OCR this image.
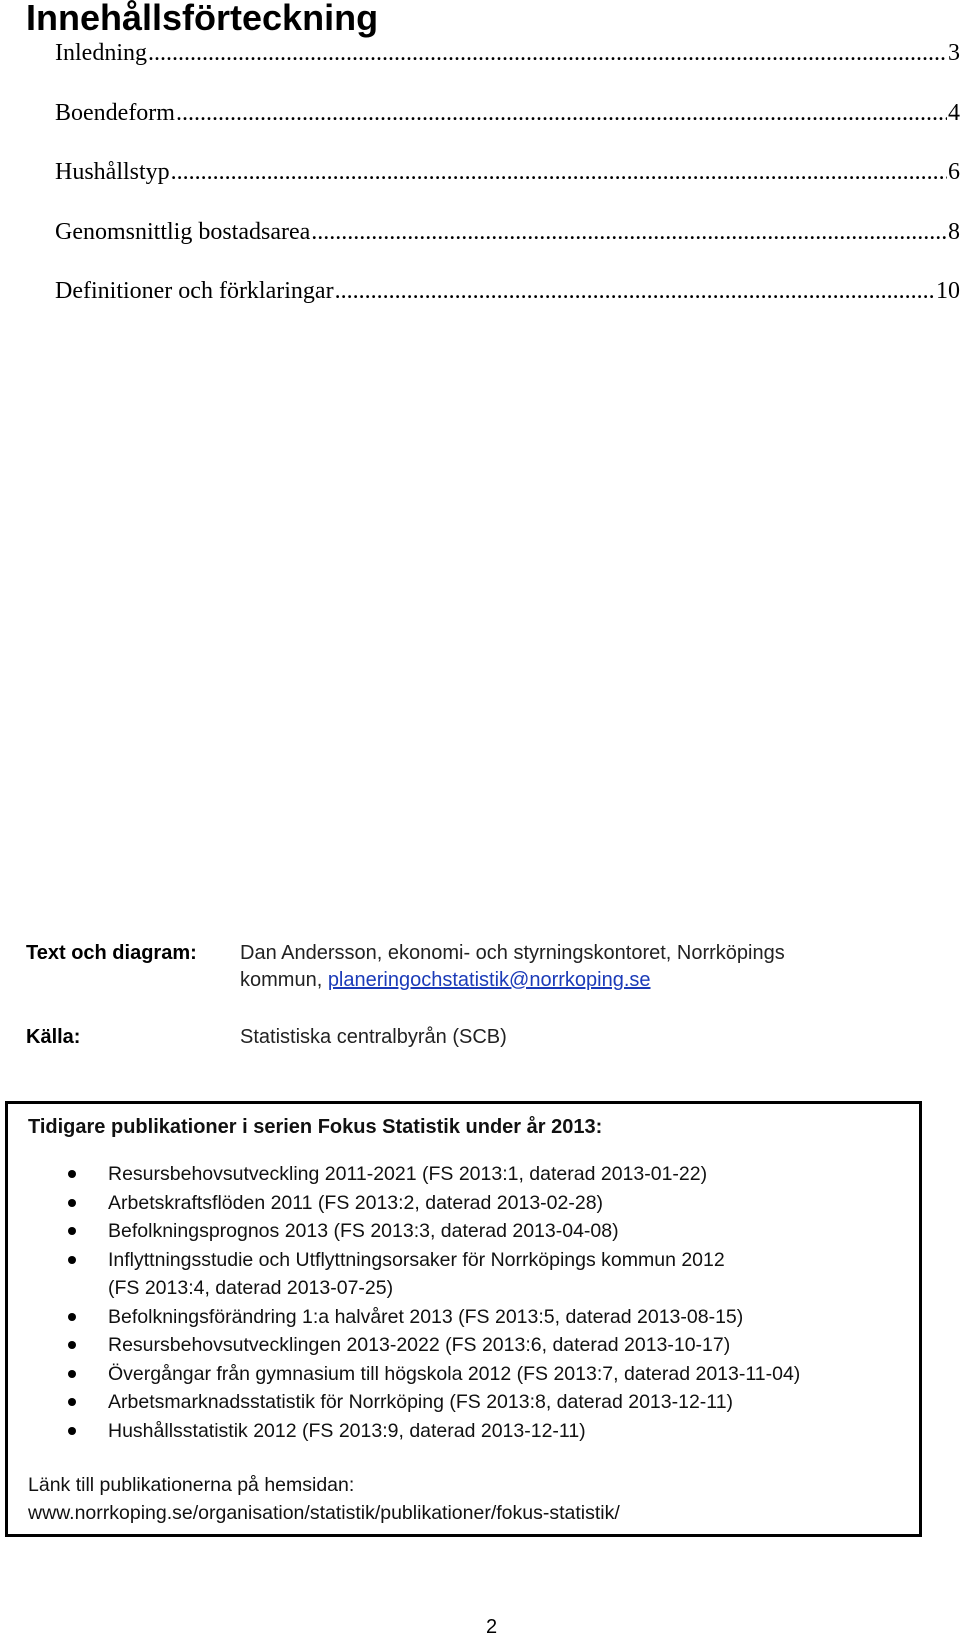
Innehållsförteckning
Inledning .....	3
Boendeform .....	4
Hushållstyp .....	6
Genomsnittlig bostadsarea .....	8
Definitioner och förklaringar .....	10
Text och diagram: Dan Andersson, ekonomi- och styrningskontoret, Norrköpings
kommun, planeringochstatistik@norrkoping.se
Källa:	Statistiska centralbyrån (SCB)
Tidigare publikationer i serien Fokus Statistik under år 2013:
Resursbehovsutveckling 2011-2021 (FS 2013:1, daterad 2013-01-22)
Arbetskraftsflöden 2011 (FS 2013:2, daterad 2013-02-28)
Befolkningsprognos 2013 (FS 2013:3, daterad 2013-04-08)
Inflyttningsstudie och Utflyttningsorsaker för Norrköpings kommun 2012
(FS 2013:4, daterad 2013-07-25)
Befolkningsförändring 1:a halvåret 2013 (FS 2013:5, daterad 2013-08-15)
Resursbehovsutvecklingen 2013-2022 (FS 2013:6, daterad 2013-10-17)
Övergångar från gymnasium till högskola 2012 (FS 2013:7, daterad 2013-11-04)
Arbetsmarknadsstatistik för Norrköping (FS 2013:8, daterad 2013-12-11)
Hushållsstatistik 2012 (FS 2013:9, daterad 2013-12-11)
Länk till publikationerna på hemsidan:
www.norrkoping.se/organisation/statistik/publikationer/fokus-statistik/
2
